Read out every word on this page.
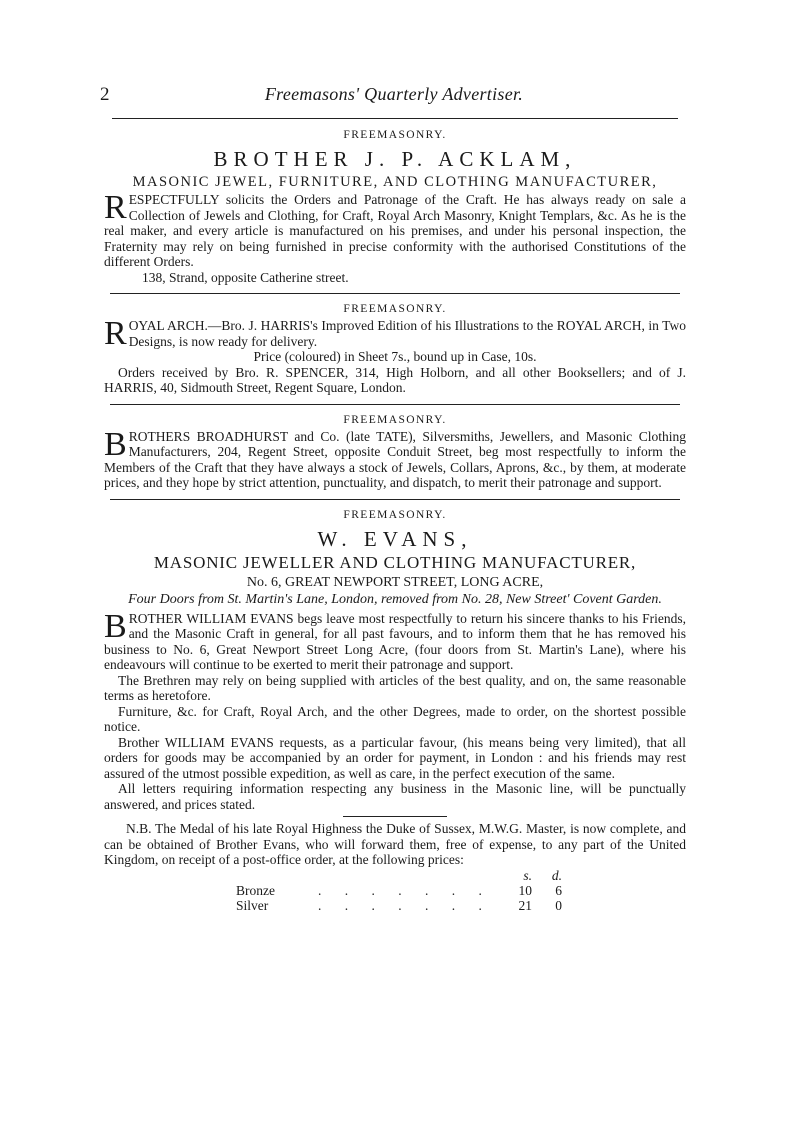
2	Freemasons' Quarterly Advertiser.
FREEMASONRY.
BROTHER J. P. ACKLAM,
MASONIC JEWEL, FURNITURE, AND CLOTHING MANUFACTURER,

R ESPECTFULLY solicits the Orders and Patronage of the Craft. He has always ready on sale a Collection of Jewels and Clothing, for Craft, Royal Arch Masonry, Knight Templars, &c. As he is the real maker, and every article is manufactured on his premises, and under his personal inspection, the Fraternity may rely on being furnished in precise conformity with the authorised Constitutions of the different Orders.

138, Strand, opposite Catherine street.

FREEMASONRY.

R OYAL ARCH.—Bro. J. HARRIS's Improved Edition of his Illustrations to the ROYAL ARCH, in Two Designs, is now ready for delivery.

Price (coloured) in Sheet 7s., bound up in Case, 10s.

Orders received by Bro. R. SPENCER, 314, High Holborn, and all other Booksellers; and of J. HARRIS, 40, Sidmouth Street, Regent Square, London.

FREEMASONRY.

B ROTHERS BROADHURST and Co. (late TATE), Silversmiths, Jewellers, and Masonic Clothing Manufacturers, 204, Regent Street, opposite Conduit Street, beg most respectfully to inform the Members of the Craft that they have always a stock of Jewels, Collars, Aprons, &c., by them, at moderate prices, and they hope by strict attention, punctuality, and dispatch, to merit their patronage and support.

FREEMASONRY.
W. EVANS,
MASONIC JEWELLER AND CLOTHING MANUFACTURER,
No. 6, GREAT NEWPORT STREET, LONG ACRE,

Four Doors from St. Martin's Lane, London, removed from No. 28, New Street' Covent Garden.

B ROTHER WILLIAM EVANS begs leave most respectfully to return his sincere thanks to his Friends, and the Masonic Craft in general, for all past favours, and to inform them that he has removed his business to No. 6, Great Newport Street Long Acre, (four doors from St. Martin's Lane), where his endeavours will continue to be exerted to merit their patronage and support.

The Brethren may rely on being supplied with articles of the best quality, and on, the same reasonable terms as heretofore.

Furniture, &c. for Craft, Royal Arch, and the other Degrees, made to order, on the shortest possible notice.

Brother WILLIAM EVANS requests, as a particular favour, (his means being very limited), that all orders for goods may be accompanied by an order for payment, in London : and his friends may rest assured of the utmost possible expedition, as well as care, in the perfect execution of the same.

All letters requiring information respecting any business in the Masonic line, will be punctually answered, and prices stated.

N.B. The Medal of his late Royal Highness the Duke of Sussex, M.W.G. Master, is now complete, and can be obtained of Brother Evans, who will forward them, free of expense, to any part of the United Kingdom, on receipt of a post-office order, at the following prices:

s.	d.
Bronze	. . . . . . .	10	6
Silver	. . . . . . .	21	0
